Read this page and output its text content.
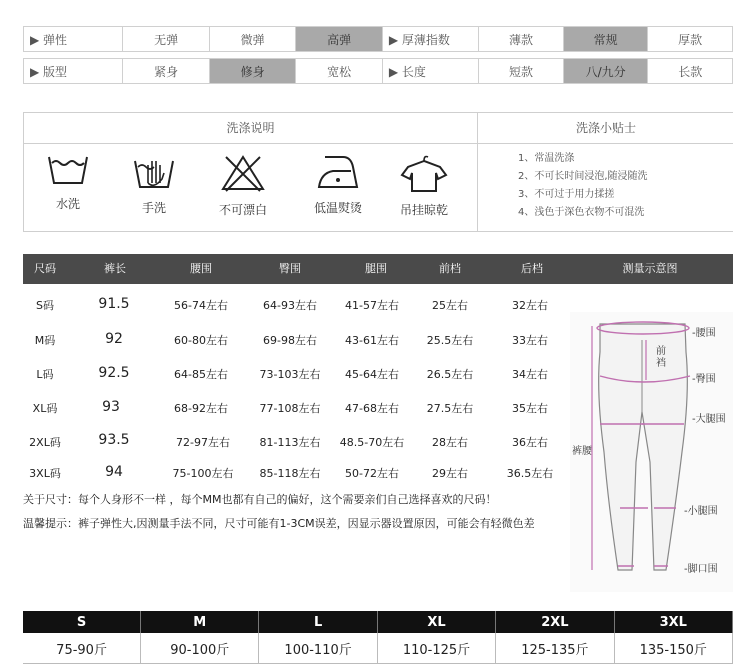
▶ 弹性	无弹	微弹	高弹	▶ 厚薄指数	薄款	常规	厚款
▶ 版型	紧身	修身	宽松	▶ 长度	短款	八/九分	长款
洗涤说明	洗涤小贴士
水洗	手洗	不可漂白	低温熨烫	吊挂晾乾
1、常温洗涤
2、不可长时间浸泡,随浸随洗
3、不可过于用力揉搓
4、浅色于深色衣物不可混洗
尺码	裤长	腰围	臀围	腿围	前档	后档	测量示意图
S码	91.5	56-74左右	64-93左右	41-57左右	25左右	32左右
M码	92	60-80左右	69-98左右	43-61左右	25.5左右	33左右
L码	92.5	64-85左右	73-103左右 45-64左右	26.5左右	34左右
XL码	93	68-92左右	77-108左右 47-68左右	27.5左右	35左右
2XL码	93.5	72-97左右	81-113左右 48.5-70左右	28左右	36左右
3XL码	94	75-100左右 85-118左右 50-72左右	29左右	36.5左右
关于尺寸：每个人身形不一样 ，每个MM也都有自己的偏好，这个需要亲们自己选择喜欢的尺码！
温馨提示：裤子弹性大,因测量手法不同，尺寸可能有1-3CM误差，因显示器设置原因，可能会有轻微色差
-腰围
前裆
-臀围
-大腿围
裤腰
-小腿围
-脚口围
S	M	L	XL	2XL	3XL
75-90斤	90-100斤	100-110斤	110-125斤	125-135斤	135-150斤
